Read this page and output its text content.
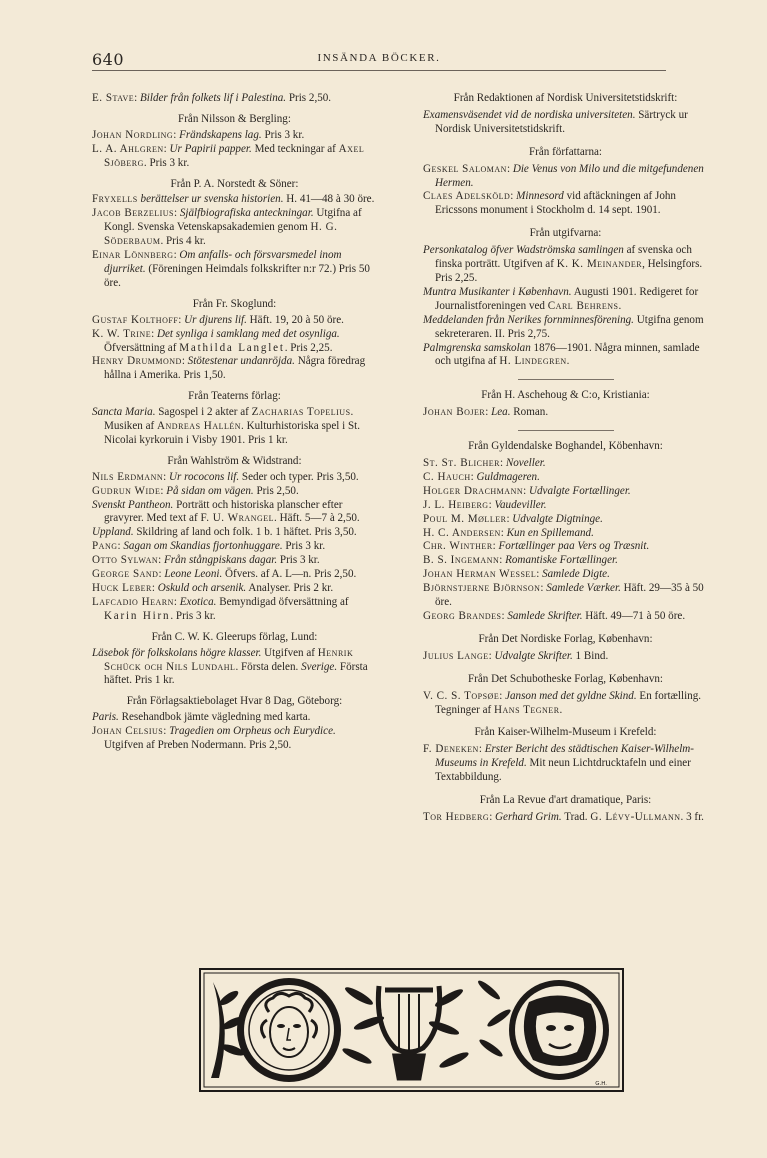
640	INSÄNDA BÖCKER.
E. Stave: Bilder från folkets lif i Palestina. Pris 2,50.
Från Nilsson & Bergling:
Johan Nordling: Frändskapens lag. Pris 3 kr.
L. A. Ahlgren: Ur Papirii papper. Med teckningar af Axel Sjöberg. Pris 3 kr.
Från P. A. Norstedt & Söner:
Fryxells berättelser ur svenska historien. H. 41—48 à 30 öre.
Jacob Berzelius: Själfbiografiska anteckningar. Utgifna af Kongl. Svenska Vetenskapsakademien genom H. G. Söderbaum. Pris 4 kr.
Einar Lönnberg: Om anfalls- och försvarsmedel inom djurriket. (Föreningen Heimdals folkskrifter n:r 72.) Pris 50 öre.
Från Fr. Skoglund:
Gustaf Kolthoff: Ur djurens lif. Häft. 19, 20 à 50 öre.
K. W. Trine: Det synliga i samklang med det osynliga. Öfversättning af Mathilda Langlet. Pris 2,25.
Henry Drummond: Stötestenar undanröjda. Några föredrag hållna i Amerika. Pris 1,50.
Från Teaterns förlag:
Sancta Maria. Sagospel i 2 akter af Zacharias Topelius. Musiken af Andreas Hallén. Kulturhistoriska spel i St. Nicolai kyrkoruin i Visby 1901. Pris 1 kr.
Från Wahlström & Widstrand:
Nils Erdmann: Ur rococons lif. Seder och typer. Pris 3,50.
Gudrun Wide: På sidan om vägen. Pris 2,50.
Svenskt Pantheon. Porträtt och historiska planscher efter gravyrer. Med text af F. U. Wrangel. Häft. 5—7 à 2,50.
Uppland. Skildring af land och folk. 1 b. 1 häftet. Pris 3,50.
Pang: Sagan om Skandias fjortonhuggare. Pris 3 kr.
Otto Sylwan: Från stångpiskans dagar. Pris 3 kr.
George Sand: Leone Leoni. Öfvers. af A. L—n. Pris 2,50.
Huck Leber: Oskuld och arsenik. Analyser. Pris 2 kr.
Lafcadio Hearn: Exotica. Bemyndigad öfversättning af Karin Hirn. Pris 3 kr.
Från C. W. K. Gleerups förlag, Lund:
Läsebok för folkskolans högre klasser. Utgifven af Henrik Schück och Nils Lundahl. Första delen. Sverige. Första häftet. Pris 1 kr.
Från Förlagsaktiebolaget Hvar 8 Dag, Göteborg:
Paris. Resehandbok jämte vägledning med karta.
Johan Celsius: Tragedien om Orpheus och Eurydice. Utgifven af Preben Nodermann. Pris 2,50.
Från Redaktionen af Nordisk Universitetstidskrift:
Examensväsendet vid de nordiska universiteten. Särtryck ur Nordisk Universitetstidskrift.
Från författarna:
Geskel Saloman: Die Venus von Milo und die mitgefundenen Hermen.
Claes Adelsköld: Minnesord vid aftäckningen af John Ericssons monument i Stockholm d. 14 sept. 1901.
Från utgifvarna:
Personkatalog öfver Wadströmska samlingen af svenska och finska porträtt. Utgifven af K. K. Meinander, Helsingfors. Pris 2,25.
Muntra Musikanter i København. Augusti 1901. Redigeret for Journalistforeningen ved Carl Behrens.
Meddelanden från Nerikes fornminnesförening. Utgifna genom sekreteraren. II. Pris 2,75.
Palmgrenska samskolan 1876—1901. Några minnen, samlade och utgifna af H. Lindegren.
Från H. Aschehoug & C:o, Kristiania:
Johan Bojer: Lea. Roman.
Från Gyldendalske Boghandel, Köbenhavn:
St. St. Blicher: Noveller.
C. Hauch: Guldmageren.
Holger Drachmann: Udvalgte Fortællinger.
J. L. Heiberg: Vaudeviller.
Poul M. Møller: Udvalgte Digtninge.
H. C. Andersen: Kun en Spillemand.
Chr. Winther: Fortællinger paa Vers og Træsnit.
B. S. Ingemann: Romantiske Fortællinger.
Johan Herman Wessel: Samlede Digte.
Björnstjerne Björnson: Samlede Værker. Häft. 29—35 à 50 öre.
Georg Brandes: Samlede Skrifter. Häft. 49—71 à 50 öre.
Från Det Nordiske Forlag, København:
Julius Lange: Udvalgte Skrifter. 1 Bind.
Från Det Schubotheske Forlag, København:
V. C. S. Topsøe: Janson med det gyldne Skind. En fortælling. Tegninger af Hans Tegner.
Från Kaiser-Wilhelm-Museum i Krefeld:
F. Deneken: Erster Bericht des städtischen Kaiser-Wilhelm-Museums in Krefeld. Mit neun Lichtdrucktafeln und einer Textabbildung.
Från La Revue d'art dramatique, Paris:
Tor Hedberg: Gerhard Grim. Trad. G. Lévy-Ullmann. 3 fr.
G.H.
